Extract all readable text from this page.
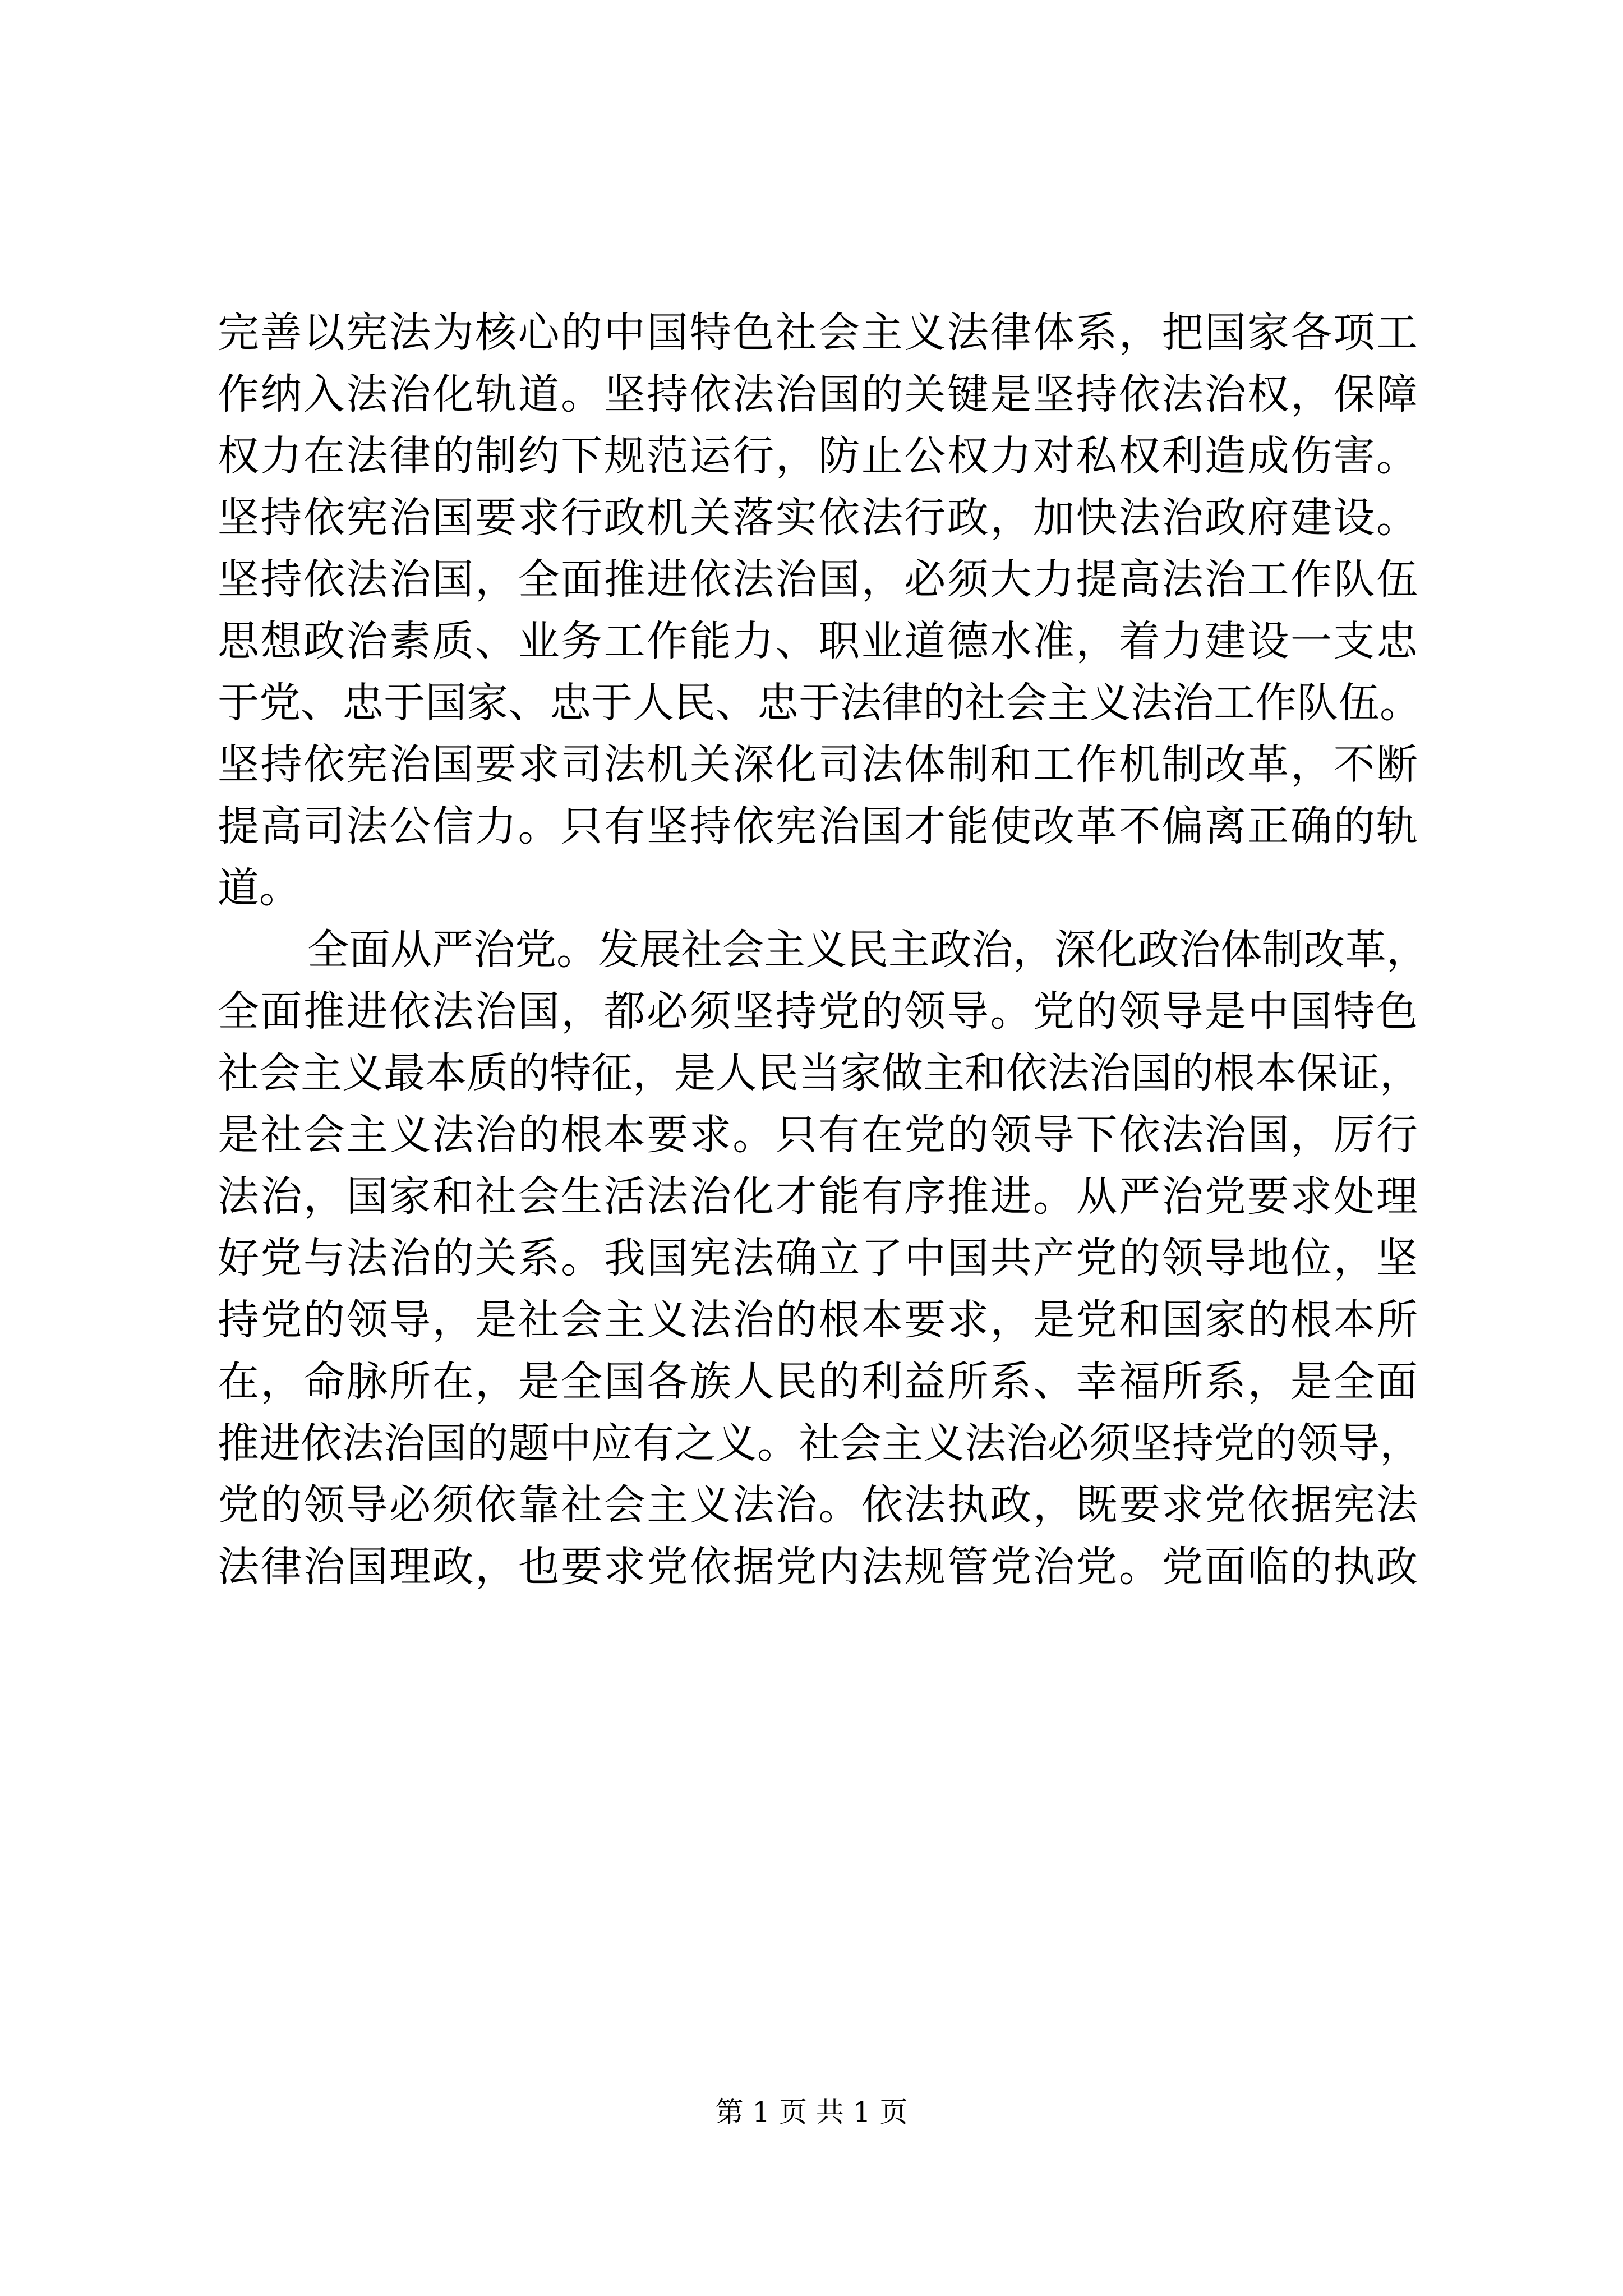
完善以宪法为核心的中国特色社会主义法律体系，把国家各项工
作纳入法治化轨道。坚持依法治国的关键是坚持依法治权，保障
权力在法律的制约下规范运行，防止公权力对私权利造成伤害。
坚持依宪治国要求行政机关落实依法行政，加快法治政府建设。
坚持依法治国，全面推进依法治国，必须大力提高法治工作队伍
思想政治素质、业务工作能力、职业道德水准，着力建设一支忠
于党、忠于国家、忠于人民、忠于法律的社会主义法治工作队伍。
坚持依宪治国要求司法机关深化司法体制和工作机制改革，不断
提高司法公信力。只有坚持依宪治国才能使改革不偏离正确的轨
道。
全面从严治党。发展社会主义民主政治，深化政治体制改革，
全面推进依法治国，都必须坚持党的领导。党的领导是中国特色
社会主义最本质的特征，是人民当家做主和依法治国的根本保证，
是社会主义法治的根本要求。只有在党的领导下依法治国，厉行
法治，国家和社会生活法治化才能有序推进。从严治党要求处理
好党与法治的关系。我国宪法确立了中国共产党的领导地位，坚
持党的领导，是社会主义法治的根本要求，是党和国家的根本所
在，命脉所在，是全国各族人民的利益所系、幸福所系，是全面
推进依法治国的题中应有之义。社会主义法治必须坚持党的领导，
党的领导必须依靠社会主义法治。依法执政，既要求党依据宪法
法律治国理政，也要求党依据党内法规管党治党。党面临的执政
第 1 页 共 1 页
